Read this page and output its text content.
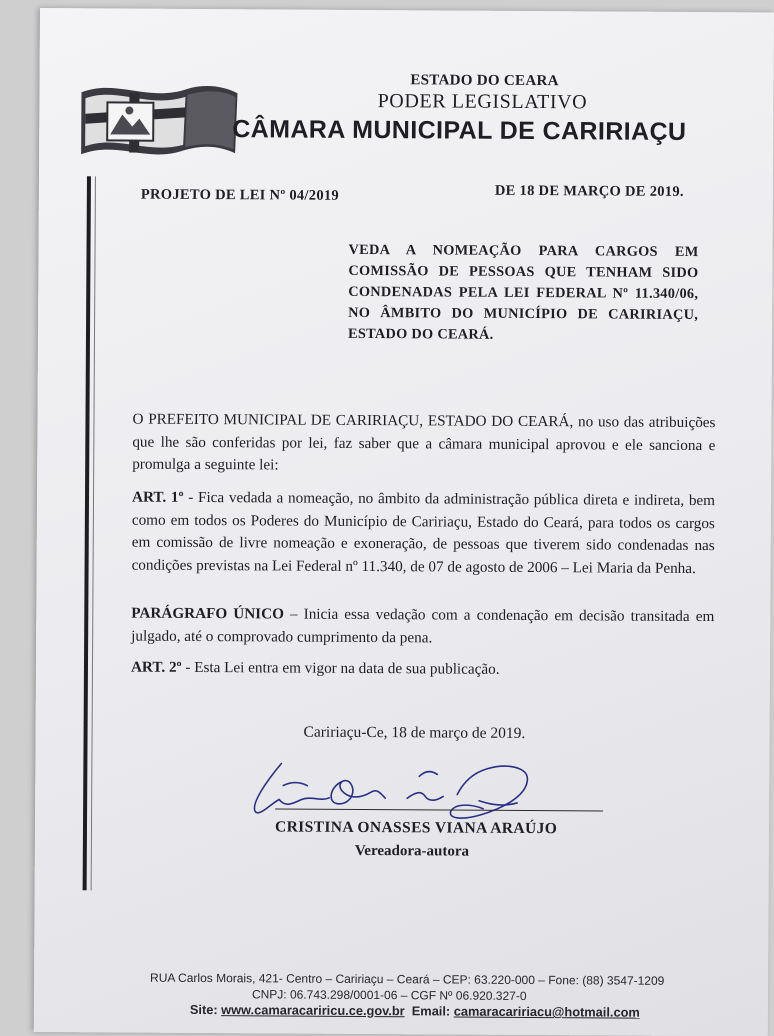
ESTADO DO CEARA
PODER LEGISLATIVO
CÂMARA MUNICIPAL DE CARIRIAÇU
PROJETO DE LEI Nº 04/2019	DE 18 DE MARÇO DE 2019.
VEDA A NOMEAÇÃO PARA CARGOS EM COMISSÃO DE PESSOAS QUE TENHAM SIDO CONDENADAS PELA LEI FEDERAL Nº 11.340/06, NO ÂMBITO DO MUNICÍPIO DE CARIRIAÇU, ESTADO DO CEARÁ.
O PREFEITO MUNICIPAL DE CARIRIAÇU, ESTADO DO CEARÁ, no uso das atribuições que lhe são conferidas por lei, faz saber que a câmara municipal aprovou e ele sanciona e promulga a seguinte lei:
ART. 1º - Fica vedada a nomeação, no âmbito da administração pública direta e indireta, bem como em todos os Poderes do Município de Caririaçu, Estado do Ceará, para todos os cargos em comissão de livre nomeação e exoneração, de pessoas que tiverem sido condenadas nas condições previstas na Lei Federal nº 11.340, de 07 de agosto de 2006 – Lei Maria da Penha.
PARÁGRAFO ÚNICO – Inicia essa vedação com a condenação em decisão transitada em julgado, até o comprovado cumprimento da pena.
ART. 2º - Esta Lei entra em vigor na data de sua publicação.
Caririaçu-Ce, 18 de março de 2019.
CRISTINA ONASSES VIANA ARAÚJO
Vereadora-autora
RUA Carlos Morais, 421- Centro – Caririaçu – Ceará – CEP: 63.220-000 – Fone: (88) 3547-1209
CNPJ: 06.743.298/0001-06 – CGF Nº 06.920.327-0
Site: www.camaracariricu.ce.gov.br  Email: camaracaririacu@hotmail.com
